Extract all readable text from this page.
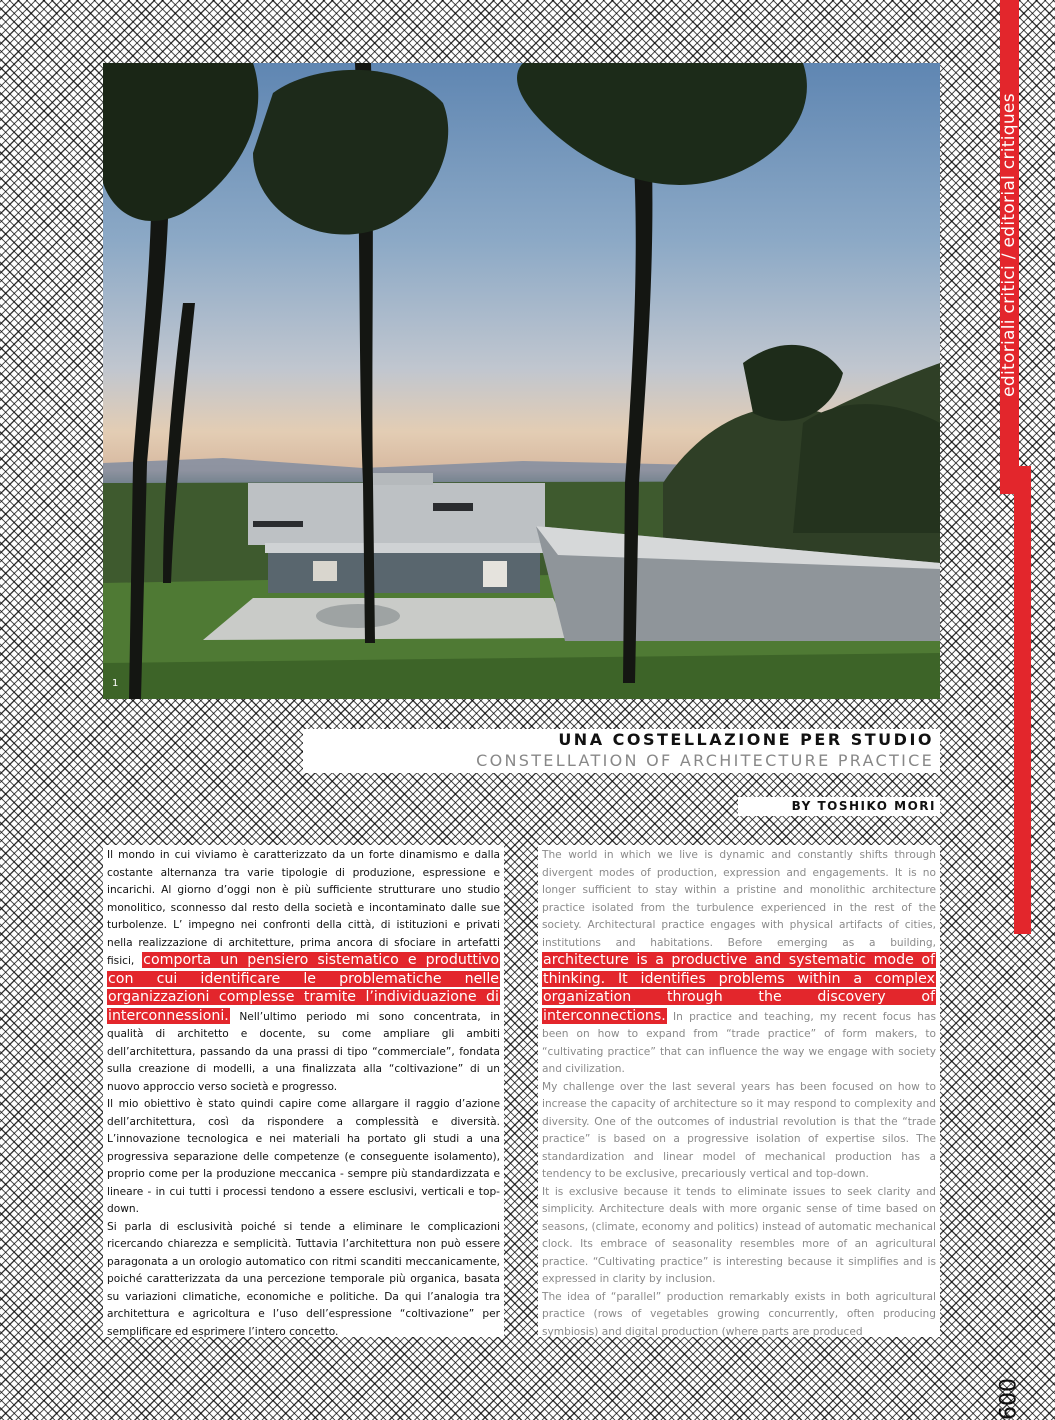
1
UNA COSTELLAZIONE PER STUDIO
CONSTELLATION OF ARCHITECTURE PRACTICE
BY TOSHIKO MORI

Il mondo in cui viviamo è caratterizzato da un forte dinamismo e dalla costante alternanza tra varie tipologie di produzione, espressione e incarichi. Al giorno d’oggi non è più sufficiente strutturare uno studio monolitico, sconnesso dal resto della società e incontaminato dalle sue turbolenze. L’ impegno nei confronti della città, di istituzioni e privati nella realizzazione di architetture, prima ancora di sfociare in artefatti fisici, comporta un pensiero sistematico e produttivo con cui identificare le problematiche nelle organizzazioni complesse tramite l’individuazione di interconnessioni. Nell’ultimo periodo mi sono concentrata, in qualità di architetto e docente, su come ampliare gli ambiti dell’architettura, passando da una prassi di tipo “commerciale”, fondata sulla creazione di modelli, a una finalizzata alla “coltivazione” di un nuovo approccio verso società e progresso.

Il mio obiettivo è stato quindi capire come allargare il raggio d’azione dell’architettura, così da rispondere a complessità e diversità. L’innovazione tecnologica e nei materiali ha portato gli studi a una progressiva separazione delle competenze (e conseguente isolamento), proprio come per la produzione meccanica - sempre più standardizzata e lineare - in cui tutti i processi tendono a essere esclusivi, verticali e top-down.

Si parla di esclusività poiché si tende a eliminare le complicazioni ricercando chiarezza e semplicità. Tuttavia l’architettura non può essere paragonata a un orologio automatico con ritmi scanditi meccanicamente, poiché caratterizzata da una percezione temporale più organica, basata su variazioni climatiche, economiche e politiche. Da qui l’analogia tra architettura e agricoltura e l’uso dell’espressione “coltivazione” per semplificare ed esprimere l’intero concetto.

The world in which we live is dynamic and constantly shifts through divergent modes of production, expression and engagements. It is no longer sufficient to stay within a pristine and monolithic architecture practice isolated from the turbulence experienced in the rest of the society. Architectural practice engages with physical artifacts of cities, institutions and habitations. Before emerging as a building, architecture is a productive and systematic mode of thinking. It identifies problems within a complex organization through the discovery of interconnections. In practice and teaching, my recent focus has been on how to expand from “trade practice” of form makers, to “cultivating practice” that can influence the way we engage with society and civilization.

My challenge over the last several years has been focused on how to increase the capacity of architecture so it may respond to complexity and diversity. One of the outcomes of industrial revolution is that the “trade practice” is based on a progressive isolation of expertise silos. The standardization and linear model of mechanical production has a tendency to be exclusive, precariously vertical and top-down.

It is exclusive because it tends to eliminate issues to seek clarity and simplicity. Architecture deals with more organic sense of time based on seasons, (climate, economy and politics) instead of automatic mechanical clock. Its embrace of seasonality resembles more of an agricultural practice. “Cultivating practice” is interesting because it simplifies and is expressed in clarity by inclusion.

The idea of “parallel” production remarkably exists in both agricultural practice (rows of vegetables growing concurrently, often producing symbiosis) and digital production (where parts are produced

editoriali critici / editorial critiques
009
